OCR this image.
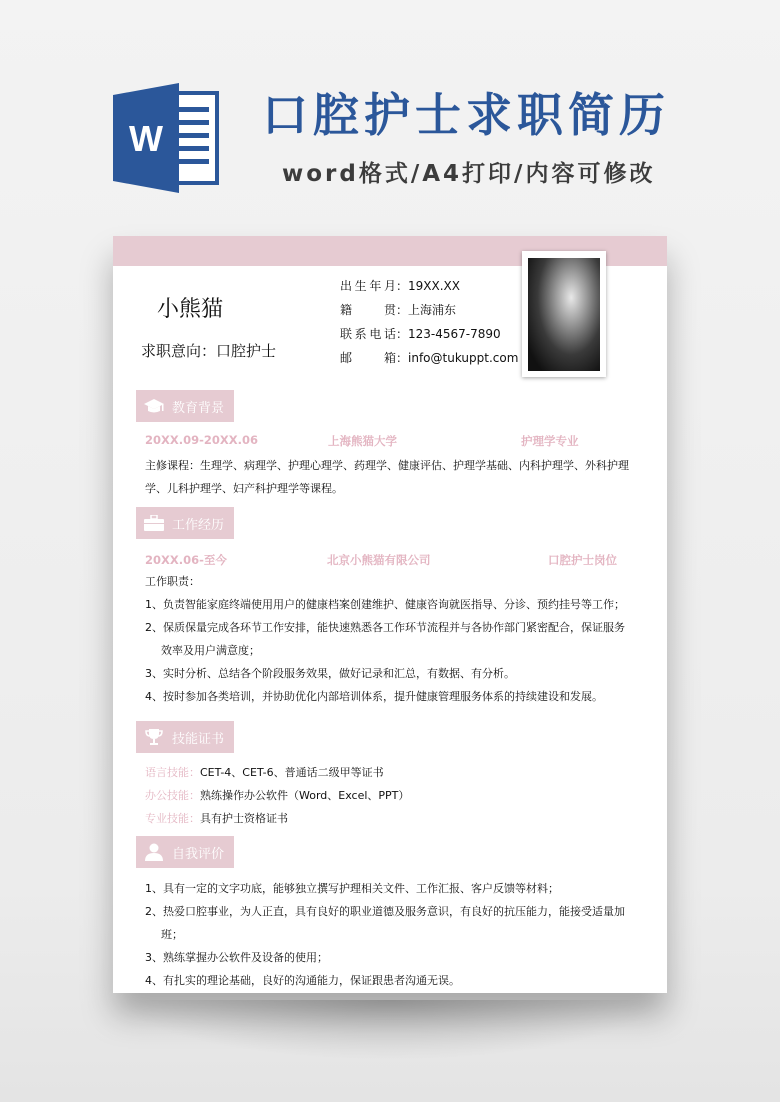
W 口腔护士求职简历
word格式/A4打印/内容可修改
小熊猫
求职意向：口腔护士
出生年月 ： 19XX.XX
籍贯 ： 上海浦东
联系电话 ： 123-4567-7890
邮箱 ： info@tukuppt.com
教育背景
20XX.09-20XX.06	上海熊猫大学	护理学专业
主修课程：生理学、病理学、护理心理学、药理学、健康评估、护理学基础、内科护理学、外科护理学、儿科护理学、妇产科护理学等课程。
工作经历
20XX.06-至今	北京小熊猫有限公司	口腔护士岗位
工作职责：
1、负责智能家庭终端使用用户的健康档案创建维护、健康咨询就医指导、分诊、预约挂号等工作；
2、保质保量完成各环节工作安排，能快速熟悉各工作环节流程并与各协作部门紧密配合，保证服务效率及用户满意度；
3、实时分析、总结各个阶段服务效果，做好记录和汇总，有数据、有分析。
4、按时参加各类培训，并协助优化内部培训体系，提升健康管理服务体系的持续建设和发展。
技能证书
语言技能：CET-4、CET-6、普通话二级甲等证书
办公技能：熟练操作办公软件（Word、Excel、PPT）
专业技能：具有护士资格证书
自我评价
1、具有一定的文字功底，能够独立撰写护理相关文件、工作汇报、客户反馈等材料；
2、热爱口腔事业，为人正直，具有良好的职业道德及服务意识，有良好的抗压能力，能接受适量加班；
3、熟练掌握办公软件及设备的使用；
4、有扎实的理论基础，良好的沟通能力，保证跟患者沟通无误。
